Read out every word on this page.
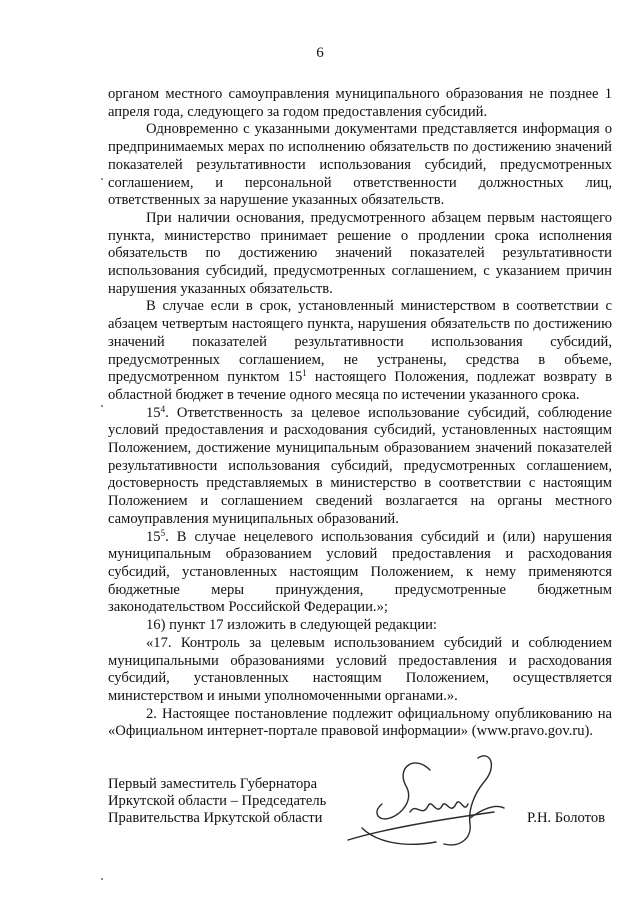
6

органом местного самоуправления муниципального образования не позднее 1 апреля года, следующего за годом предоставления субсидий.

Одновременно с указанными документами представляется информация о предпринимаемых мерах по исполнению обязательств по достижению значений показателей результативности использования субсидий, предусмотренных соглашением, и персональной ответственности должностных лиц, ответственных за нарушение указанных обязательств.

При наличии основания, предусмотренного абзацем первым настоящего пункта, министерство принимает решение о продлении срока исполнения обязательств по достижению значений показателей результативности использования субсидий, предусмотренных соглашением, с указанием причин нарушения указанных обязательств.

В случае если в срок, установленный министерством в соответствии с абзацем четвертым настоящего пункта, нарушения обязательств по достижению значений показателей результативности использования субсидий, предусмотренных соглашением, не устранены, средства в объеме, предусмотренном пунктом $15^1$ настоящего Положения, подлежат возврату в областной бюджет в течение одного месяца по истечении указанного срока.

$15^4$. Ответственность за целевое использование субсидий, соблюдение условий предоставления и расходования субсидий, установленных настоящим Положением, достижение муниципальным образованием значений показателей результативности использования субсидий, предусмотренных соглашением, достоверность представляемых в министерство в соответствии с настоящим Положением и соглашением сведений возлагается на органы местного самоуправления муниципальных образований.

$15^5$. В случае нецелевого использования субсидий и (или) нарушения муниципальным образованием условий предоставления и расходования субсидий, установленных настоящим Положением, к нему применяются бюджетные меры принуждения, предусмотренные бюджетным законодательством Российской Федерации.»;

16) пункт 17 изложить в следующей редакции:

«17. Контроль за целевым использованием субсидий и соблюдением муниципальными образованиями условий предоставления и расходования субсидий, установленных настоящим Положением, осуществляется министерством и иными уполномоченными органами.».

2. Настоящее постановление подлежит официальному опубликованию на «Официальном интернет-портале правовой информации» (www.pravo.gov.ru).

Первый заместитель Губернатора
Иркутской области – Председатель
Правительства Иркутской области	Р.Н. Болотов
